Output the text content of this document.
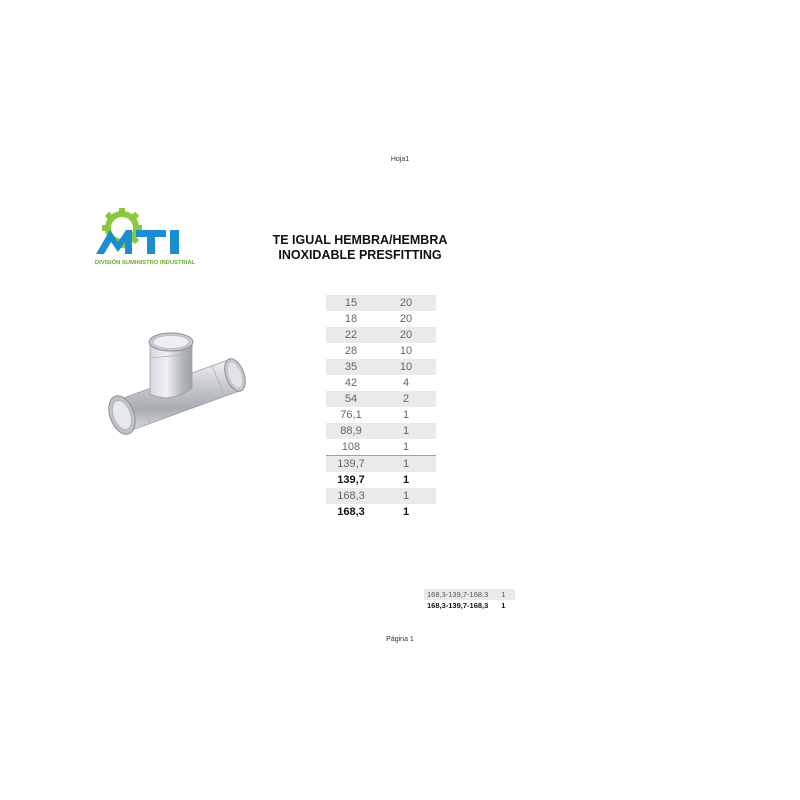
Hoja1
DIVISIÓN SUMINISTRO INDUSTRIAL
TE IGUAL HEMBRA/HEMBRA
INOXIDABLE PRESFITTING
15	20
18	20
22	20
28	10
35	10
42	4
54	2
76,1	1
88,9	1
108	1
139,7	1
139,7	1
168,3	1
168,3	1
168,3-139,7-168,3	1
168,3-139,7-168,3	1
Página 1
